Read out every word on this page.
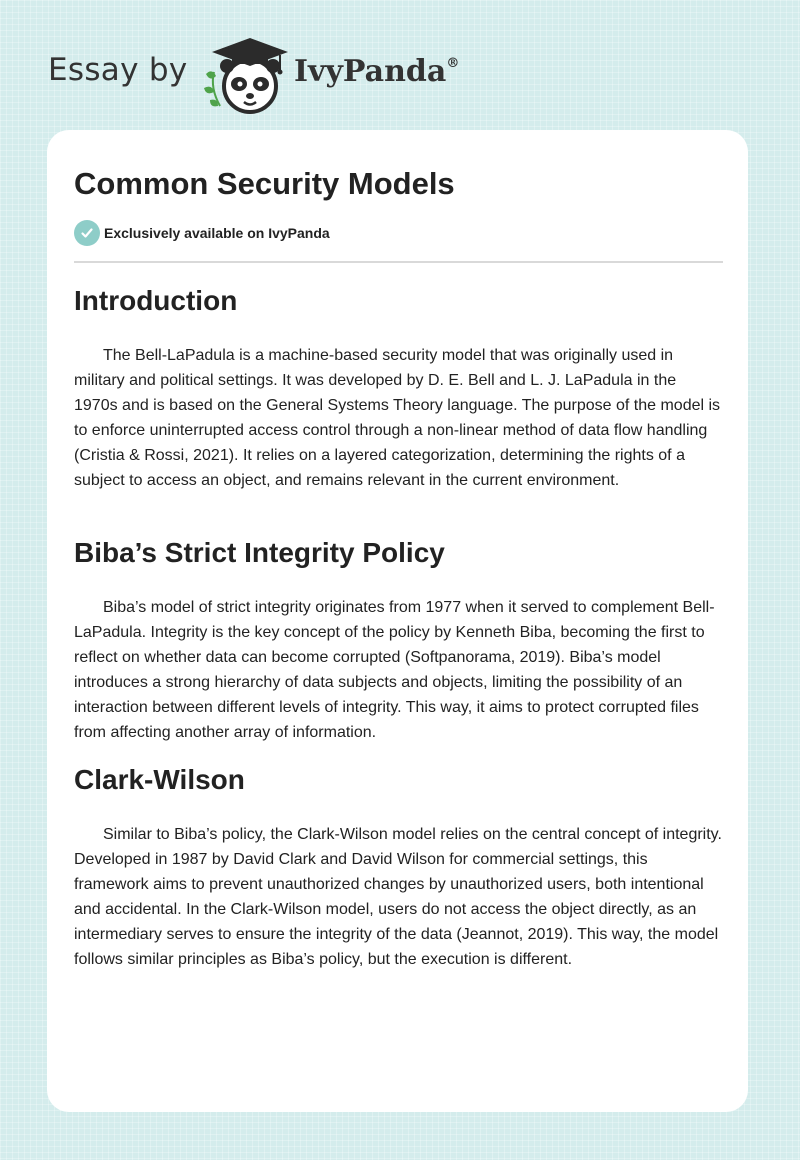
Essay by	IvyPanda®
Common Security Models
Exclusively available on IvyPanda
Introduction

The Bell-LaPadula is a machine-based security model that was originally used in military and political settings. It was developed by D. E. Bell and L. J. LaPadula in the 1970s and is based on the General Systems Theory language. The purpose of the model is to enforce uninterrupted access control through a non-linear method of data flow handling (Cristia & Rossi, 2021). It relies on a layered categorization, determining the rights of a subject to access an object, and remains relevant in the current environment.

Biba’s Strict Integrity Policy

Biba’s model of strict integrity originates from 1977 when it served to complement Bell-LaPadula. Integrity is the key concept of the policy by Kenneth Biba, becoming the first to reflect on whether data can become corrupted (Softpanorama, 2019). Biba’s model introduces a strong hierarchy of data subjects and objects, limiting the possibility of an interaction between different levels of integrity. This way, it aims to protect corrupted files from affecting another array of information.

Clark-Wilson

Similar to Biba’s policy, the Clark-Wilson model relies on the central concept of integrity. Developed in 1987 by David Clark and David Wilson for commercial settings, this framework aims to prevent unauthorized changes by unauthorized users, both intentional and accidental. In the Clark-Wilson model, users do not access the object directly, as an intermediary serves to ensure the integrity of the data (Jeannot, 2019). This way, the model follows similar principles as Biba’s policy, but the execution is different.
